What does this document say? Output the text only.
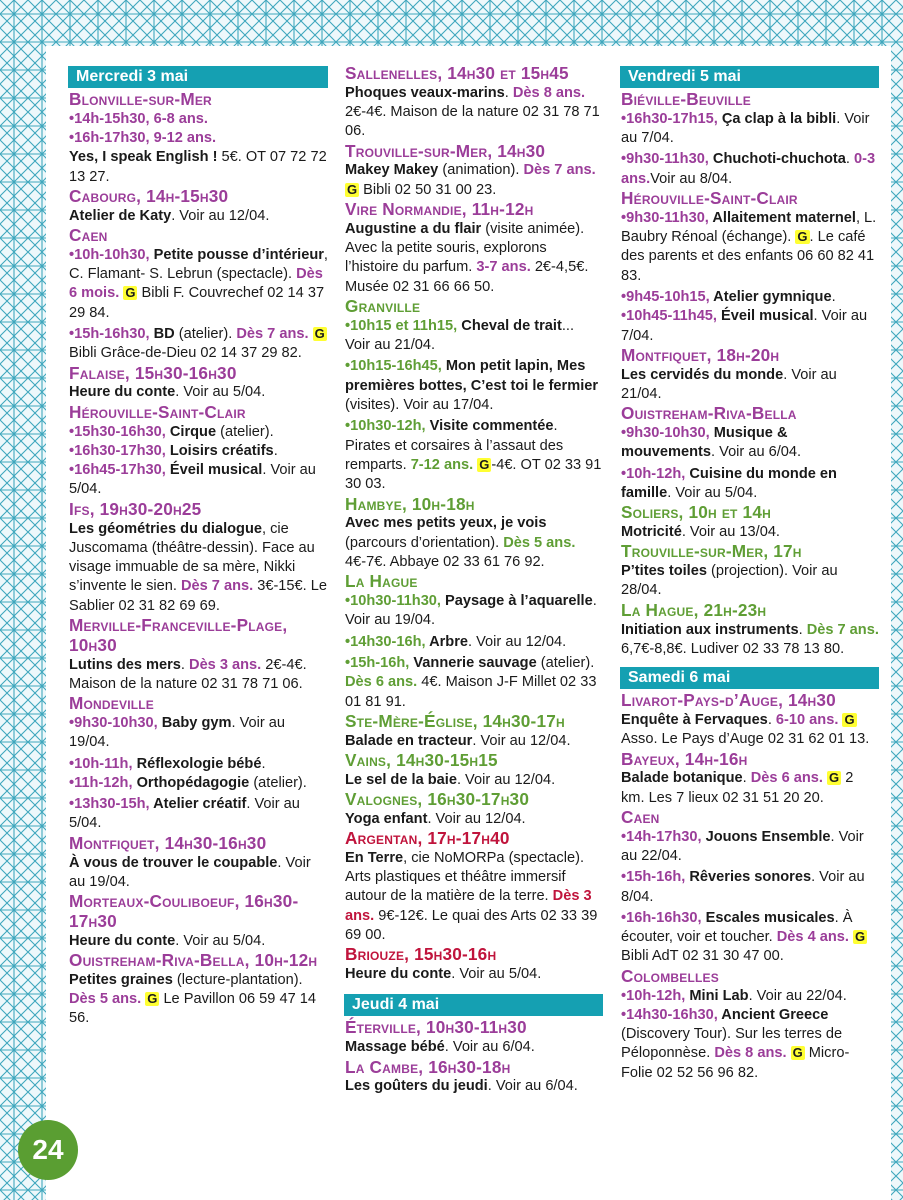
Mercredi 3 mai
Blonville-sur-Mer
•14h-15h30, 6-8 ans.
•16h-17h30, 9-12 ans.
Yes, I speak English ! 5€. OT 07 72 72 13 27.
Cabourg, 14h-15h30
Atelier de Katy. Voir au 12/04.
Caen
•10h-10h30, Petite pousse d’intérieur, C. Flamant- S. Lebrun (spectacle). Dès 6 mois. G Bibli F. Couvrechef 02 14 37 29 84.
•15h-16h30, BD (atelier). Dès 7 ans. G Bibli Grâce-de-Dieu 02 14 37 29 82.
Falaise, 15h30-16h30
Heure du conte. Voir au 5/04.
Hérouville-Saint-Clair
•15h30-16h30, Cirque (atelier).
•16h30-17h30, Loisirs créatifs.
•16h45-17h30, Éveil musical. Voir au 5/04.
Ifs, 19h30-20h25
Les géométries du dialogue, cie Juscomama (théâtre-dessin). Face au visage immuable de sa mère, Nikki s’invente le sien. Dès 7 ans. 3€-15€. Le Sablier 02 31 82 69 69.
Merville-Franceville-Plage, 10h30
Lutins des mers. Dès 3 ans. 2€-4€. Maison de la nature 02 31 78 71 06.
Mondeville
•9h30-10h30, Baby gym. Voir au 19/04.
•10h-11h, Réflexologie bébé.
•11h-12h, Orthopédagogie (atelier).
•13h30-15h, Atelier créatif. Voir au 5/04.
Montfiquet, 14h30-16h30
À vous de trouver le coupable. Voir au 19/04.
Morteaux-Couliboeuf, 16h30-17h30
Heure du conte. Voir au 5/04.
Ouistreham-Riva-Bella, 10h-12h
Petites graines (lecture-plantation). Dès 5 ans. G Le Pavillon 06 59 47 14 56.
Sallenelles, 14h30 et 15h45
Phoques veaux-marins. Dès 8 ans. 2€-4€. Maison de la nature 02 31 78 71 06.
Trouville-sur-Mer, 14h30
Makey Makey (animation). Dès 7 ans. G Bibli 02 50 31 00 23.
Vire Normandie, 11h-12h
Augustine a du flair (visite animée). Avec la petite souris, explorons l’histoire du parfum. 3-7 ans. 2€-4,5€. Musée 02 31 66 66 50.
Granville
•10h15 et 11h15, Cheval de trait... Voir au 21/04.
•10h15-16h45, Mon petit lapin, Mes premières bottes, C’est toi le fermier (visites). Voir au 17/04.
•10h30-12h, Visite commentée. Pirates et corsaires à l’assaut des remparts. 7-12 ans. G -4€. OT 02 33 91 30 03.
Hambye, 10h-18h
Avec mes petits yeux, je vois (parcours d’orientation). Dès 5 ans. 4€-7€. Abbaye 02 33 61 76 92.
La Hague
•10h30-11h30, Paysage à l’aquarelle. Voir au 19/04.
•14h30-16h, Arbre. Voir au 12/04.
•15h-16h, Vannerie sauvage (atelier). Dès 6 ans. 4€. Maison J-F Millet 02 33 01 81 91.
Ste-Mère-Église, 14h30-17h
Balade en tracteur. Voir au 12/04.
Vains, 14h30-15h15
Le sel de la baie. Voir au 12/04.
Valognes, 16h30-17h30
Yoga enfant. Voir au 12/04.
Argentan, 17h-17h40
En Terre, cie NoMORPa (spectacle). Arts plastiques et théâtre immersif autour de la matière de la terre. Dès 3 ans. 9€-12€. Le quai des Arts 02 33 39 69 00.
Briouze, 15h30-16h
Heure du conte. Voir au 5/04.
Jeudi 4 mai
Éterville, 10h30-11h30
Massage bébé. Voir au 6/04.
La Cambe, 16h30-18h
Les goûters du jeudi. Voir au 6/04.
Vendredi 5 mai
Biéville-Beuville
•16h30-17h15, Ça clap à la bibli. Voir au 7/04.
•9h30-11h30, Chuchoti-chuchota. 0-3 ans.Voir au 8/04.
Hérouville-Saint-Clair
•9h30-11h30, Allaitement maternel, L. Baubry Rénoal (échange). G . Le café des parents et des enfants 06 60 82 41 83.
•9h45-10h15, Atelier gymnique.
•10h45-11h45, Éveil musical. Voir au 7/04.
Montfiquet, 18h-20h
Les cervidés du monde. Voir au 21/04.
Ouistreham-Riva-Bella
•9h30-10h30, Musique & mouvements. Voir au 6/04.
•10h-12h, Cuisine du monde en famille. Voir au 5/04.
Soliers, 10h et 14h
Motricité. Voir au 13/04.
Trouville-sur-Mer, 17h
P’tites toiles (projection). Voir au 28/04.
La Hague, 21h-23h
Initiation aux instruments. Dès 7 ans. 6,7€-8,8€. Ludiver 02 33 78 13 80.
Samedi 6 mai
Livarot-Pays-d’Auge, 14h30
Enquête à Fervaques. 6-10 ans. G Asso. Le Pays d’Auge 02 31 62 01 13.
Bayeux, 14h-16h
Balade botanique. Dès 6 ans. G 2 km. Les 7 lieux 02 31 51 20 20.
Caen
•14h-17h30, Jouons Ensemble. Voir au 22/04.
•15h-16h, Rêveries sonores. Voir au 8/04.
•16h-16h30, Escales musicales. À écouter, voir et toucher. Dès 4 ans. G Bibli AdT 02 31 30 47 00.
Colombelles
•10h-12h, Mini Lab. Voir au 22/04.
•14h30-16h30, Ancient Greece (Discovery Tour). Sur les terres de Péloponnèse. Dès 8 ans. G Micro-Folie 02 52 56 96 82.
24
